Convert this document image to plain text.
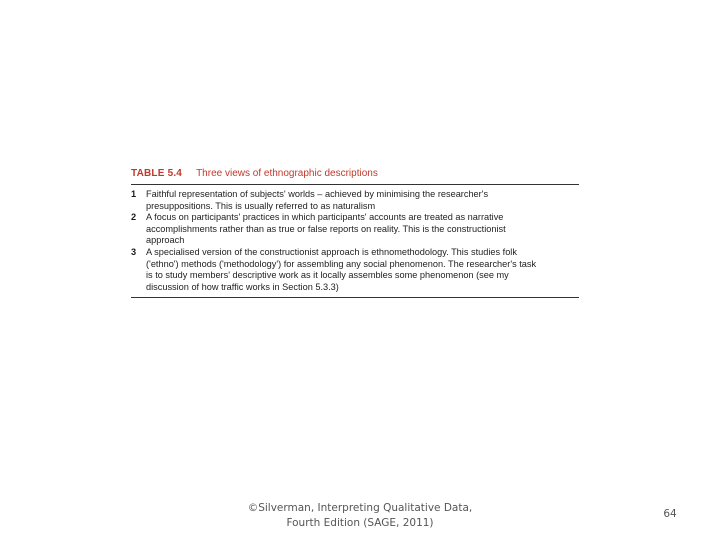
TABLE 5.4 Three views of ethnographic descriptions
1	Faithful representation of subjects' worlds – achieved by minimising the researcher's
presuppositions. This is usually referred to as naturalism
2	A focus on participants' practices in which participants' accounts are treated as narrative
accomplishments rather than as true or false reports on reality. This is the constructionist
approach
3	A specialised version of the constructionist approach is ethnomethodology. This studies folk
('ethno') methods ('methodology') for assembling any social phenomenon. The researcher's task
is to study members' descriptive work as it locally assembles some phenomenon (see my
discussion of how traffic works in Section 5.3.3)
©Silverman, Interpreting Qualitative Data,
Fourth Edition (SAGE, 2011)
64
